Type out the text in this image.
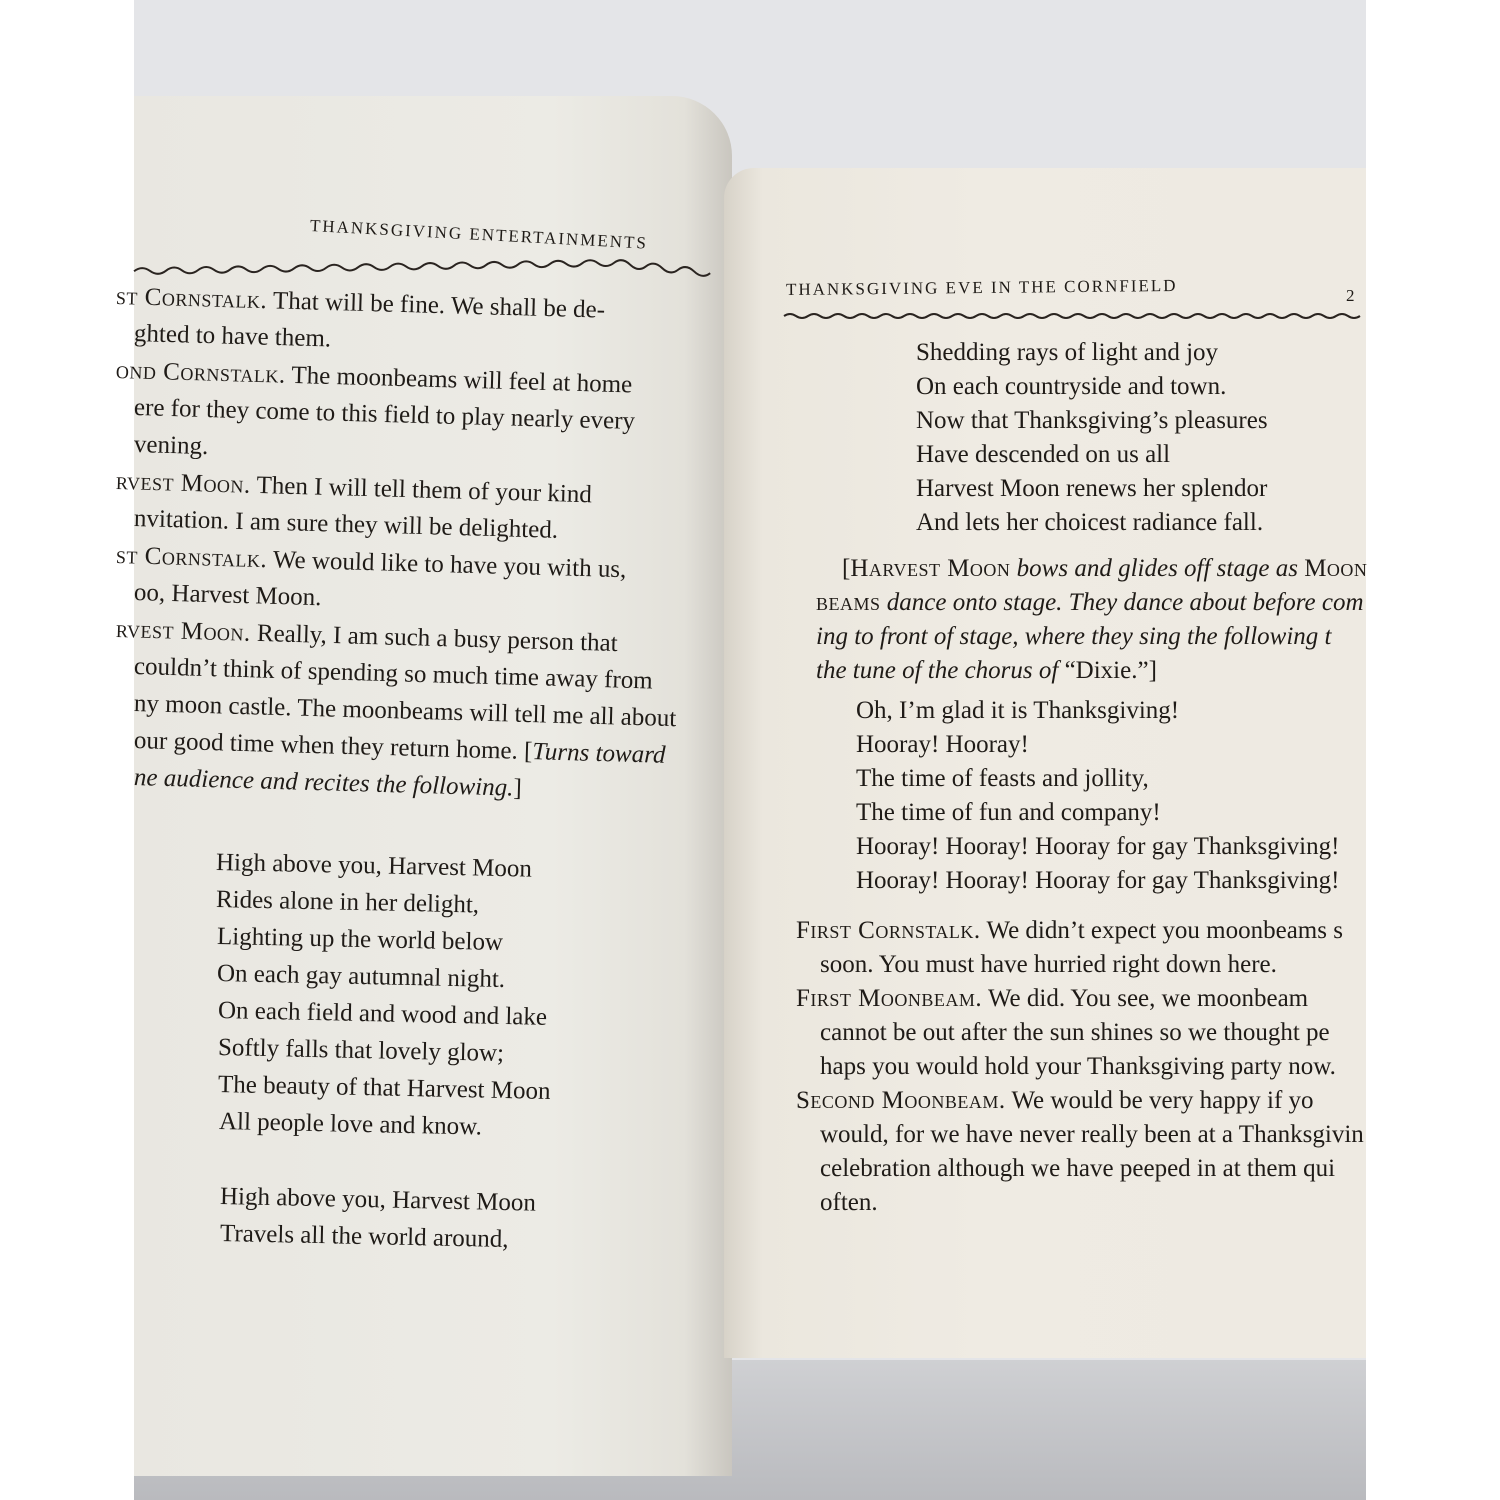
THANKSGIVING ENTERTAINMENTS
st Cornstalk. That will be fine. We shall be de-
ghted to have them.
ond Cornstalk. The moonbeams will feel at home
ere for they come to this field to play nearly every
vening.
rvest Moon. Then I will tell them of your kind
nvitation. I am sure they will be delighted.
st Cornstalk. We would like to have you with us,
oo, Harvest Moon.
rvest Moon. Really, I am such a busy person that
couldn’t think of spending so much time away from
ny moon castle. The moonbeams will tell me all about
our good time when they return home. [Turns toward
ne audience and recites the following.]
High above you, Harvest Moon
Rides alone in her delight,
Lighting up the world below
On each gay autumnal night.
On each field and wood and lake
Softly falls that lovely glow;
The beauty of that Harvest Moon
All people love and know.
High above you, Harvest Moon
Travels all the world around,
THANKSGIVING EVE IN THE CORNFIELD	2
Shedding rays of light and joy
On each countryside and town.
Now that Thanksgiving’s pleasures
Have descended on us all
Harvest Moon renews her splendor
And lets her choicest radiance fall.
[Harvest Moon bows and glides off stage as Moon
beams dance onto stage. They dance about before com
ing to front of stage, where they sing the following t
the tune of the chorus of “Dixie.”]
Oh, I’m glad it is Thanksgiving!
Hooray! Hooray!
The time of feasts and jollity,
The time of fun and company!
Hooray! Hooray! Hooray for gay Thanksgiving!
Hooray! Hooray! Hooray for gay Thanksgiving!
First Cornstalk. We didn’t expect you moonbeams s
soon. You must have hurried right down here.
First Moonbeam. We did. You see, we moonbeam
cannot be out after the sun shines so we thought pe
haps you would hold your Thanksgiving party now.
Second Moonbeam. We would be very happy if yo
would, for we have never really been at a Thanksgivin
celebration although we have peeped in at them qui
often.
